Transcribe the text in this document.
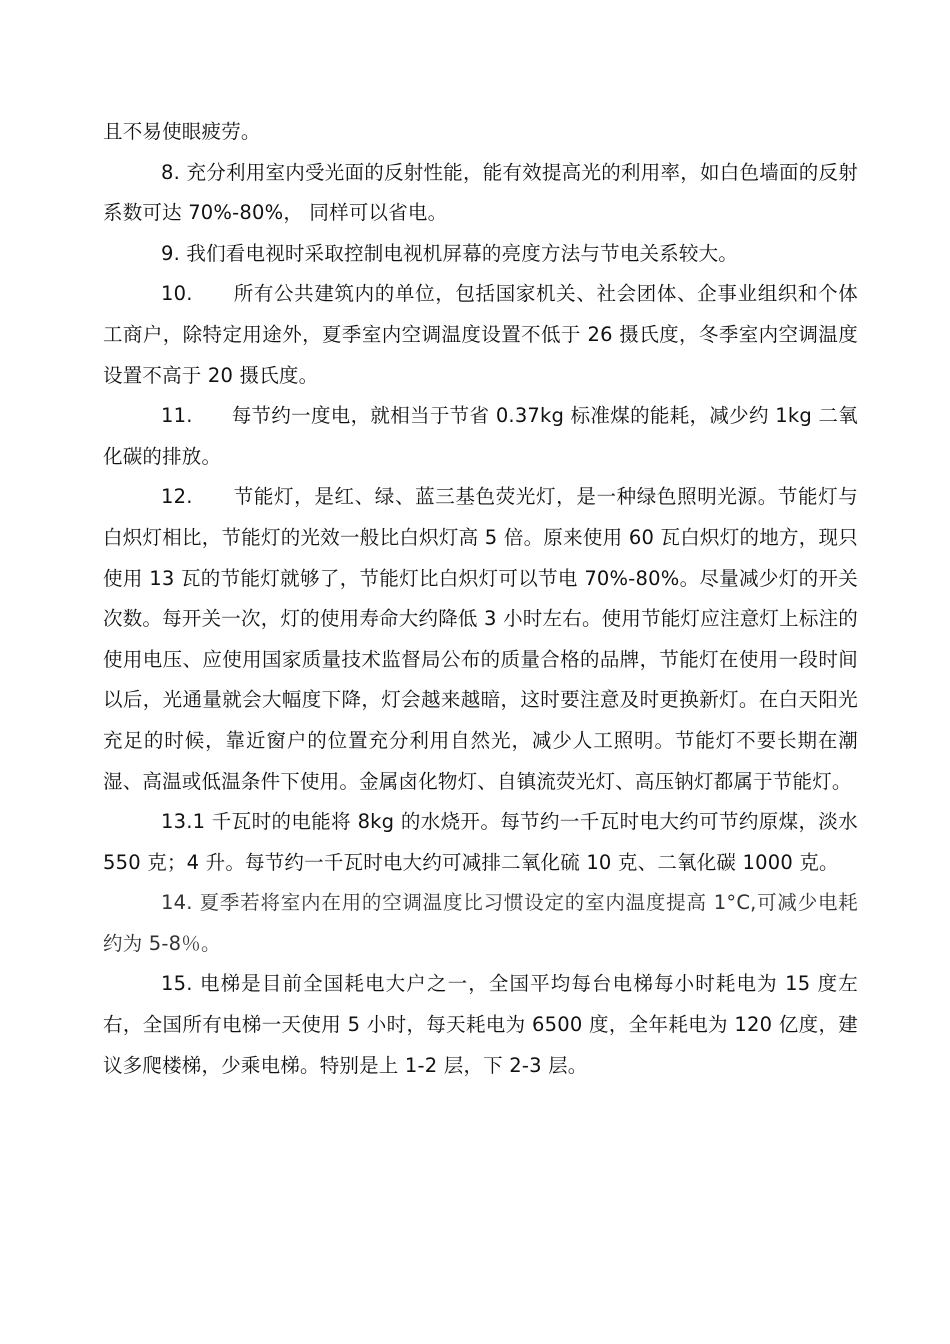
且不易使眼疲劳。

8. 充分利用室内受光面的反射性能，能有效提高光的利用率，如白色墙面的反射系数可达 70%-80%， 同样可以省电。

9. 我们看电视时采取控制电视机屏幕的亮度方法与节电关系较大。

10.      所有公共建筑内的单位，包括国家机关、社会团体、企事业组织和个体工商户，除特定用途外，夏季室内空调温度设置不低于 26 摄氏度，冬季室内空调温度设置不高于 20 摄氏度。

11.      每节约一度电，就相当于节省 0.37kg 标准煤的能耗，减少约 1kg 二氧化碳的排放。

12.      节能灯，是红、绿、蓝三基色荧光灯，是一种绿色照明光源。节能灯与白炽灯相比，节能灯的光效一般比白炽灯高 5 倍。原来使用 60 瓦白炽灯的地方，现只使用 13 瓦的节能灯就够了，节能灯比白炽灯可以节电 70%-80%。尽量减少灯的开关次数。每开关一次，灯的使用寿命大约降低 3 小时左右。使用节能灯应注意灯上标注的使用电压、应使用国家质量技术监督局公布的质量合格的品牌，节能灯在使用一段时间以后，光通量就会大幅度下降，灯会越来越暗，这时要注意及时更换新灯。在白天阳光充足的时候，靠近窗户的位置充分利用自然光，减少人工照明。节能灯不要长期在潮湿、高温或低温条件下使用。金属卤化物灯、自镇流荧光灯、高压钠灯都属于节能灯。

13.1 千瓦时的电能将 8kg 的水烧开。每节约一千瓦时电大约可节约原煤，淡水 550 克；4 升。每节约一千瓦时电大约可减排二氧化硫 10 克、二氧化碳 1000 克。

14. 夏季若将室内在用的空调温度比习惯设定的室内温度提高 1°C,可减少电耗约为 5-8％。

15. 电梯是目前全国耗电大户之一，全国平均每台电梯每小时耗电为 15 度左右，全国所有电梯一天使用 5 小时，每天耗电为 6500 度，全年耗电为 120 亿度，建议多爬楼梯，少乘电梯。特别是上 1-2 层，下 2-3 层。
